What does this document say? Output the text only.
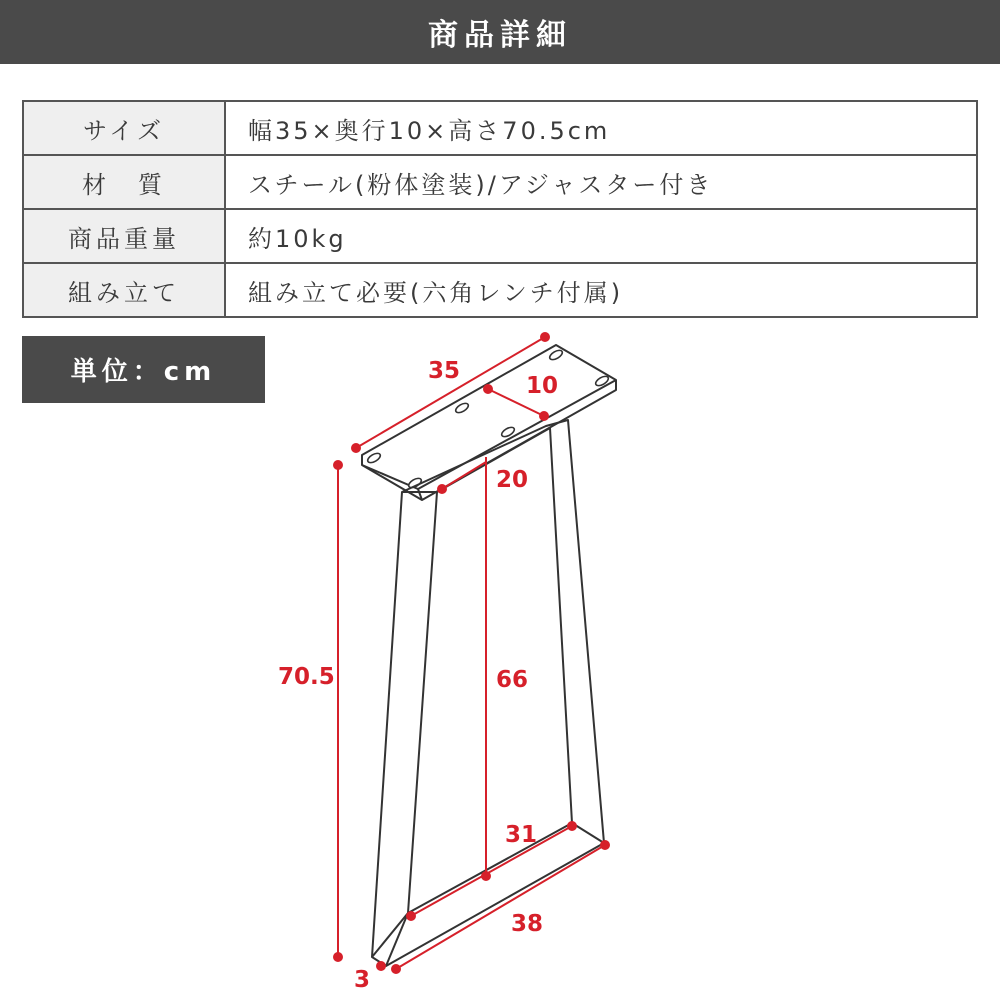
商品詳細
サイズ	幅35×奥行10×高さ70.5cm
材　質	スチール(粉体塗装)/アジャスター付き
商品重量	約10kg
組み立て	組み立て必要(六角レンチ付属)
単位：cm	35
10
20
70.5	66
31
38
3
